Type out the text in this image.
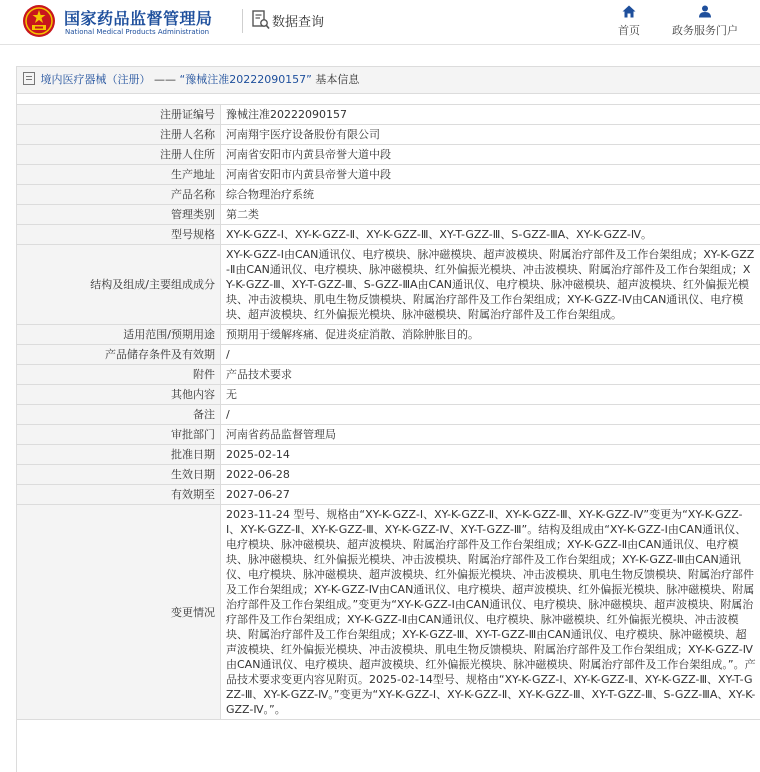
国家药品监督管理局
National Medical Products Administration
数据查询
首页	政务服务门户
境内医疗器械（注册） —— “豫械注准20222090157” 基本信息
注册证编号	豫械注准20222090157
注册人名称	河南翔宇医疗设备股份有限公司
注册人住所	河南省安阳市内黄县帝誉大道中段
生产地址	河南省安阳市内黄县帝誉大道中段
产品名称	综合物理治疗系统
管理类别	第二类
型号规格	XY-K-GZZ-Ⅰ、XY-K-GZZ-Ⅱ、XY-K-GZZ-Ⅲ、XY-T-GZZ-Ⅲ、S-GZZ-ⅢA、XY-K-GZZ-Ⅳ。
结构及组成/主要组成成分	XY-K-GZZ-Ⅰ由CAN通讯仪、电疗模块、脉冲磁模块、超声波模块、附属治疗部件及工作台架组成；XY-K-GZZ-Ⅱ由CAN通讯仪、电疗模块、脉冲磁模块、红外偏振光模块、冲击波模块、附属治疗部件及工作台架组成；XY-K-GZZ-Ⅲ、XY-T-GZZ-Ⅲ、S-GZZ-ⅢA由CAN通讯仪、电疗模块、脉冲磁模块、超声波模块、红外偏振光模块、冲击波模块、肌电生物反馈模块、附属治疗部件及工作台架组成；XY-K-GZZ-Ⅳ由CAN通讯仪、电疗模块、超声波模块、红外偏振光模块、脉冲磁模块、附属治疗部件及工作台架组成。
适用范围/预期用途	预期用于缓解疼痛、促进炎症消散、消除肿胀目的。
产品储存条件及有效期	/
附件	产品技术要求
其他内容	无
备注	/
审批部门	河南省药品监督管理局
批准日期	2025-02-14
生效日期	2022-06-28
有效期至	2027-06-27
变更情况	2023-11-24 型号、规格由“XY-K-GZZ-Ⅰ、XY-K-GZZ-Ⅱ、XY-K-GZZ-Ⅲ、XY-K-GZZ-Ⅳ”变更为“XY-K-GZZ-Ⅰ、XY-K-GZZ-Ⅱ、XY-K-GZZ-Ⅲ、XY-K-GZZ-Ⅳ、XY-T-GZZ-Ⅲ”。结构及组成由“XY-K-GZZ-Ⅰ由CAN通讯仪、电疗模块、脉冲磁模块、超声波模块、附属治疗部件及工作台架组成；XY-K-GZZ-Ⅱ由CAN通讯仪、电疗模块、脉冲磁模块、红外偏振光模块、冲击波模块、附属治疗部件及工作台架组成；XY-K-GZZ-Ⅲ由CAN通讯仪、电疗模块、脉冲磁模块、超声波模块、红外偏振光模块、冲击波模块、肌电生物反馈模块、附属治疗部件及工作台架组成；XY-K-GZZ-Ⅳ由CAN通讯仪、电疗模块、超声波模块、红外偏振光模块、脉冲磁模块、附属治疗部件及工作台架组成。”变更为“XY-K-GZZ-Ⅰ由CAN通讯仪、电疗模块、脉冲磁模块、超声波模块、附属治疗部件及工作台架组成；XY-K-GZZ-Ⅱ由CAN通讯仪、电疗模块、脉冲磁模块、红外偏振光模块、冲击波模块、附属治疗部件及工作台架组成；XY-K-GZZ-Ⅲ、XY-T-GZZ-Ⅲ由CAN通讯仪、电疗模块、脉冲磁模块、超声波模块、红外偏振光模块、冲击波模块、肌电生物反馈模块、附属治疗部件及工作台架组成；XY-K-GZZ-Ⅳ由CAN通讯仪、电疗模块、超声波模块、红外偏振光模块、脉冲磁模块、附属治疗部件及工作台架组成。”。产品技术要求变更内容见附页。2025-02-14型号、规格由“XY-K-GZZ-Ⅰ、XY-K-GZZ-Ⅱ、XY-K-GZZ-Ⅲ、XY-T-GZZ-Ⅲ、XY-K-GZZ-Ⅳ。”变更为“XY-K-GZZ-Ⅰ、XY-K-GZZ-Ⅱ、XY-K-GZZ-Ⅲ、XY-T-GZZ-Ⅲ、S-GZZ-ⅢA、XY-K-GZZ-Ⅳ。”。
